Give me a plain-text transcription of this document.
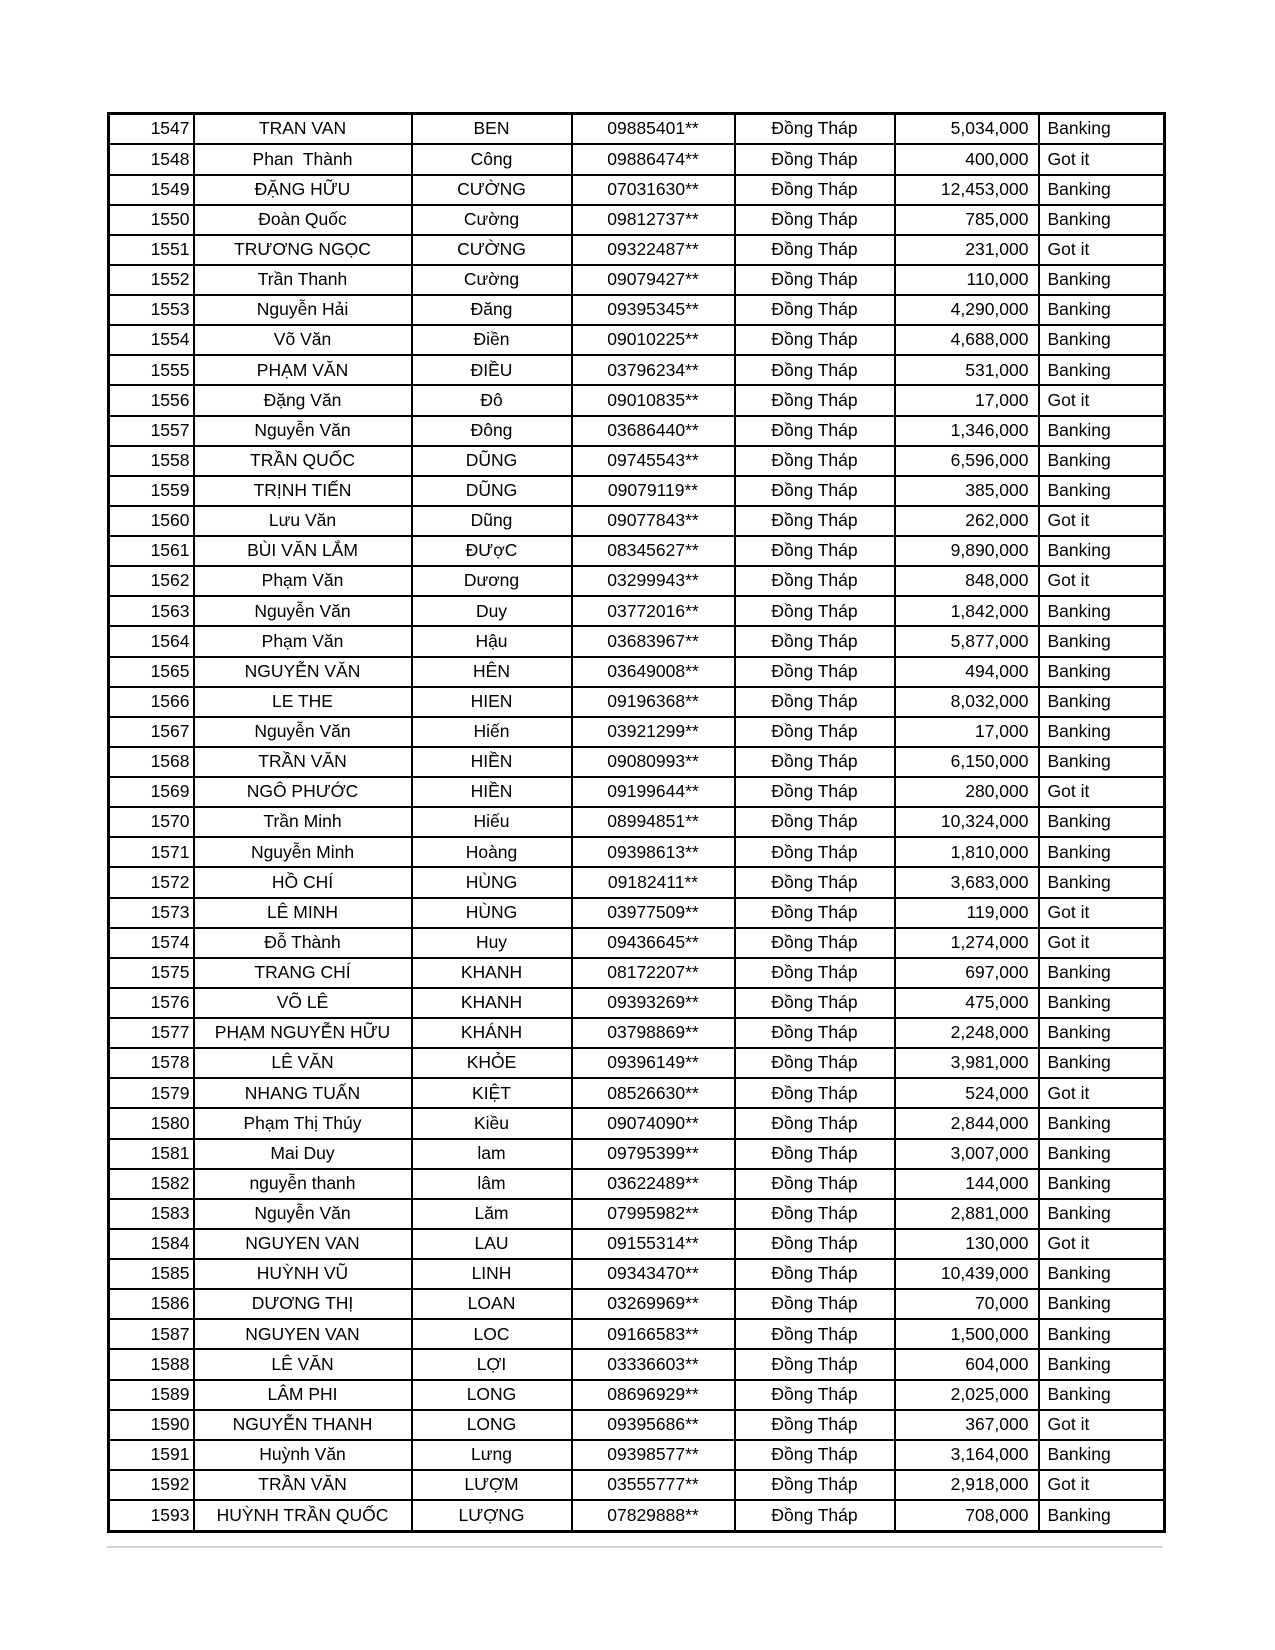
1547	TRAN VAN	BEN	09885401**	Đồng Tháp	5,034,000	Banking
1548	Phan  Thành	Công	09886474**	Đồng Tháp	400,000	Got it
1549	ĐẶNG HỮU	CƯỜNG	07031630**	Đồng Tháp	12,453,000	Banking
1550	Đoàn Quốc	Cường	09812737**	Đồng Tháp	785,000	Banking
1551	TRƯƠNG NGỌC	CƯỜNG	09322487**	Đồng Tháp	231,000	Got it
1552	Trần Thanh	Cường	09079427**	Đồng Tháp	110,000	Banking
1553	Nguyễn Hải	Đăng	09395345**	Đồng Tháp	4,290,000	Banking
1554	Võ Văn	Điền	09010225**	Đồng Tháp	4,688,000	Banking
1555	PHẠM VĂN	ĐIỀU	03796234**	Đồng Tháp	531,000	Banking
1556	Đặng Văn	Đô	09010835**	Đồng Tháp	17,000	Got it
1557	Nguyễn Văn	Đông	03686440**	Đồng Tháp	1,346,000	Banking
1558	TRẦN QUỐC	DŨNG	09745543**	Đồng Tháp	6,596,000	Banking
1559	TRỊNH TIẾN	DŨNG	09079119**	Đồng Tháp	385,000	Banking
1560	Lưu Văn	Dũng	09077843**	Đồng Tháp	262,000	Got it
1561	BÙI VĂN LẮM	ĐƯợC	08345627**	Đồng Tháp	9,890,000	Banking
1562	Phạm Văn	Dương	03299943**	Đồng Tháp	848,000	Got it
1563	Nguyễn Văn	Duy	03772016**	Đồng Tháp	1,842,000	Banking
1564	Phạm Văn	Hậu	03683967**	Đồng Tháp	5,877,000	Banking
1565	NGUYỄN VĂN	HÊN	03649008**	Đồng Tháp	494,000	Banking
1566	LE THE	HIEN	09196368**	Đồng Tháp	8,032,000	Banking
1567	Nguyễn Văn	Hiến	03921299**	Đồng Tháp	17,000	Banking
1568	TRẦN VĂN	HIỀN	09080993**	Đồng Tháp	6,150,000	Banking
1569	NGÔ PHƯỚC	HIỀN	09199644**	Đồng Tháp	280,000	Got it
1570	Trần Minh	Hiếu	08994851**	Đồng Tháp	10,324,000	Banking
1571	Nguyễn Minh	Hoàng	09398613**	Đồng Tháp	1,810,000	Banking
1572	HỒ CHÍ	HÙNG	09182411**	Đồng Tháp	3,683,000	Banking
1573	LÊ MINH	HÙNG	03977509**	Đồng Tháp	119,000	Got it
1574	Đỗ Thành	Huy	09436645**	Đồng Tháp	1,274,000	Got it
1575	TRANG CHÍ	KHANH	08172207**	Đồng Tháp	697,000	Banking
1576	VÕ LÊ	KHANH	09393269**	Đồng Tháp	475,000	Banking
1577	PHẠM NGUYỄN HỮU	KHÁNH	03798869**	Đồng Tháp	2,248,000	Banking
1578	LÊ VĂN	KHỎE	09396149**	Đồng Tháp	3,981,000	Banking
1579	NHANG TUẤN	KIỆT	08526630**	Đồng Tháp	524,000	Got it
1580	Phạm Thị Thúy	Kiều	09074090**	Đồng Tháp	2,844,000	Banking
1581	Mai Duy	lam	09795399**	Đồng Tháp	3,007,000	Banking
1582	nguyễn thanh	lâm	03622489**	Đồng Tháp	144,000	Banking
1583	Nguyễn Văn	Lăm	07995982**	Đồng Tháp	2,881,000	Banking
1584	NGUYEN VAN	LAU	09155314**	Đồng Tháp	130,000	Got it
1585	HUỲNH VŨ	LINH	09343470**	Đồng Tháp	10,439,000	Banking
1586	DƯƠNG THỊ	LOAN	03269969**	Đồng Tháp	70,000	Banking
1587	NGUYEN VAN	LOC	09166583**	Đồng Tháp	1,500,000	Banking
1588	LÊ VĂN	LỢI	03336603**	Đồng Tháp	604,000	Banking
1589	LÂM PHI	LONG	08696929**	Đồng Tháp	2,025,000	Banking
1590	NGUYỄN THANH	LONG	09395686**	Đồng Tháp	367,000	Got it
1591	Huỳnh Văn	Lưng	09398577**	Đồng Tháp	3,164,000	Banking
1592	TRẦN VĂN	LƯỢM	03555777**	Đồng Tháp	2,918,000	Got it
1593	HUỲNH TRẦN QUỐC	LƯỢNG	07829888**	Đồng Tháp	708,000	Banking
